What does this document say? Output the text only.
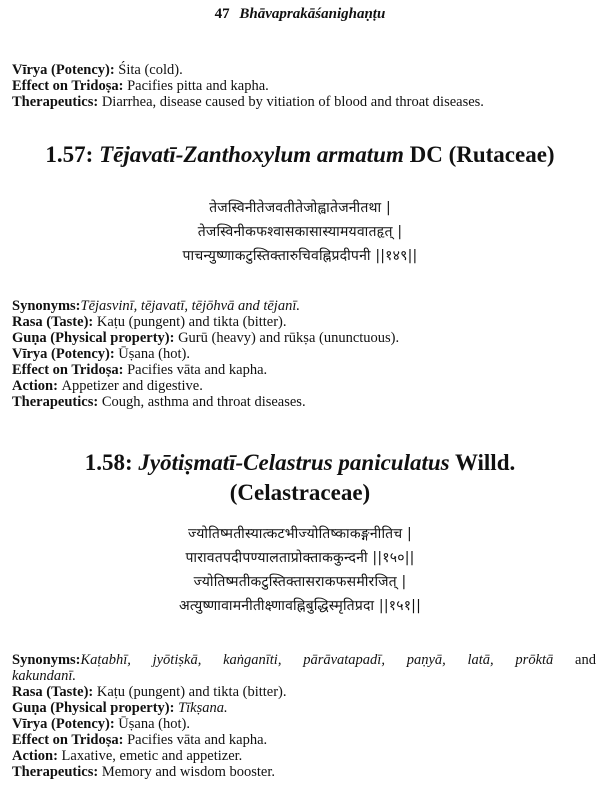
47 Bhāvaprakāśanighaṇṭu
Vīrya (Potency): Śita (cold).
Effect on Tridoṣa: Pacifies pitta and kapha.
Therapeutics: Diarrhea, disease caused by vitiation of blood and throat diseases.
1.57: Tējavatī-Zanthoxylum armatum DC (Rutaceae)
तेजस्विनीतेजवतीतेजोह्वातेजनीतथा |
तेजस्विनीकफश्वासकासास्यामयवातहृत् |
पाचन्युष्णाकटुस्तिक्तारुचिवह्निप्रदीपनी ||१४९||
Synonyms:Tējasvinī, tējavatī, tējōhvā and tējanī.
Rasa (Taste): Kaṭu (pungent) and tikta (bitter).
Guṇa (Physical property): Gurū (heavy) and rūkṣa (ununctuous).
Vīrya (Potency): Ūṣana (hot).
Effect on Tridoṣa: Pacifies vāta and kapha.
Action: Appetizer and digestive.
Therapeutics: Cough, asthma and throat diseases.
1.58: Jyōtiṣmatī-Celastrus paniculatus Willd.
(Celastraceae)
ज्योतिष्मतीस्यात्कटभीज्योतिष्काकङ्गनीतिच |
पारावतपदीपण्यालताप्रोक्ताककुन्दनी ||१५०||
ज्योतिष्मतीकटुस्तिक्तासराकफसमीरजित् |
अत्युष्णावामनीतीक्ष्णावह्निबुद्धिस्मृतिप्रदा ||१५१||
Synonyms:Kaṭabhī, jyōtiṣkā, kaṅganīti, pārāvatapadī, paṇyā, latā, prōktā and
kakundanī.
Rasa (Taste): Kaṭu (pungent) and tikta (bitter).
Guṇa (Physical property): Tīkṣana.
Vīrya (Potency): Ūṣana (hot).
Effect on Tridoṣa: Pacifies vāta and kapha.
Action: Laxative, emetic and appetizer.
Therapeutics: Memory and wisdom booster.
